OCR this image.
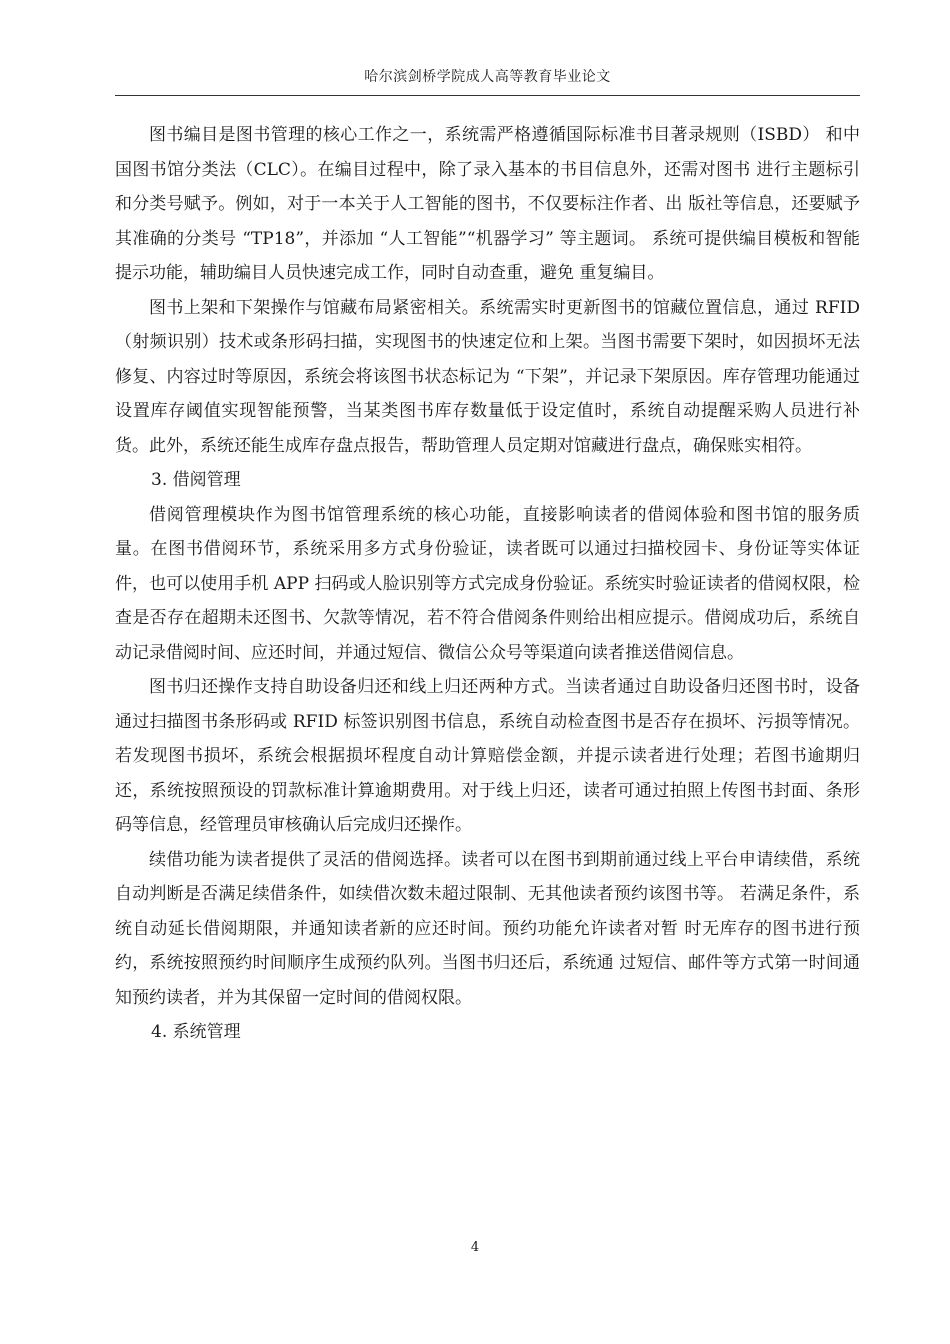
哈尔滨剑桥学院成人高等教育毕业论文

图书编目是图书管理的核心工作之一，系统需严格遵循国际标准书目著录规则（ISBD） 和中国图书馆分类法（CLC）。在编目过程中，除了录入基本的书目信息外，还需对图书 进行主题标引和分类号赋予。例如，对于一本关于人工智能的图书，不仅要标注作者、出 版社等信息，还要赋予其准确的分类号 “TP18”，并添加 “人工智能”“机器学习” 等主题词。 系统可提供编目模板和智能提示功能，辅助编目人员快速完成工作，同时自动查重，避免 重复编目。

图书上架和下架操作与馆藏布局紧密相关。系统需实时更新图书的馆藏位置信息，通过 RFID（射频识别）技术或条形码扫描，实现图书的快速定位和上架。当图书需要下架时，如因损坏无法修复、内容过时等原因，系统会将该图书状态标记为 “下架”，并记录下架原因。库存管理功能通过设置库存阈值实现智能预警，当某类图书库存数量低于设定值时，系统自动提醒采购人员进行补货。此外，系统还能生成库存盘点报告，帮助管理人员定期对馆藏进行盘点，确保账实相符。

3. 借阅管理

借阅管理模块作为图书馆管理系统的核心功能，直接影响读者的借阅体验和图书馆的服务质量。在图书借阅环节，系统采用多方式身份验证，读者既可以通过扫描校园卡、身份证等实体证件，也可以使用手机 APP 扫码或人脸识别等方式完成身份验证。系统实时验证读者的借阅权限，检查是否存在超期未还图书、欠款等情况，若不符合借阅条件则给出相应提示。借阅成功后，系统自动记录借阅时间、应还时间，并通过短信、微信公众号等渠道向读者推送借阅信息。

图书归还操作支持自助设备归还和线上归还两种方式。当读者通过自助设备归还图书时，设备通过扫描图书条形码或 RFID 标签识别图书信息，系统自动检查图书是否存在损坏、污损等情况。若发现图书损坏，系统会根据损坏程度自动计算赔偿金额，并提示读者进行处理；若图书逾期归还，系统按照预设的罚款标准计算逾期费用。对于线上归还，读者可通过拍照上传图书封面、条形码等信息，经管理员审核确认后完成归还操作。

续借功能为读者提供了灵活的借阅选择。读者可以在图书到期前通过线上平台申请续借，系统自动判断是否满足续借条件，如续借次数未超过限制、无其他读者预约该图书等。 若满足条件，系统自动延长借阅期限，并通知读者新的应还时间。预约功能允许读者对暂 时无库存的图书进行预约，系统按照预约时间顺序生成预约队列。当图书归还后，系统通 过短信、邮件等方式第一时间通知预约读者，并为其保留一定时间的借阅权限。

4. 系统管理

4
